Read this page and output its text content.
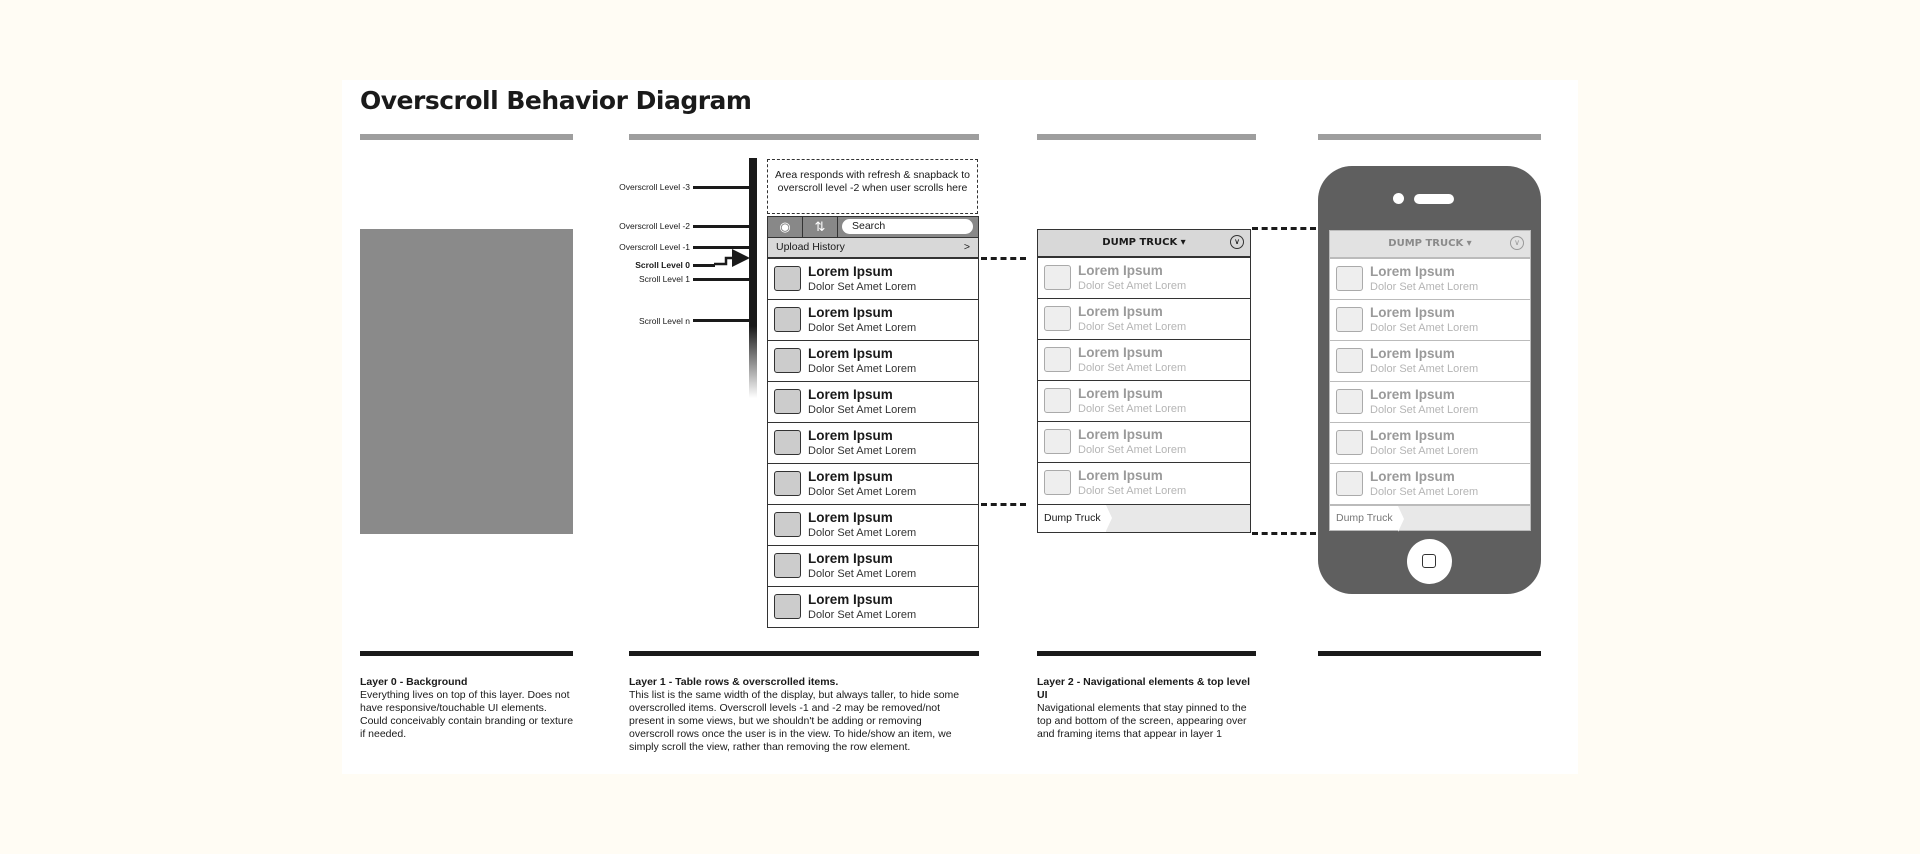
Overscroll Behavior Diagram
Overscroll Level -3
Overscroll Level -2
Overscroll Level -1
Scroll Level 0
Scroll Level 1
Scroll Level n
Area responds with refresh & snapback to overscroll level -2 when user scrolls here
◉	⇅	Search
Upload History	>
Lorem Ipsum
Dolor Set Amet Lorem
Lorem Ipsum
Dolor Set Amet Lorem
Lorem Ipsum
Dolor Set Amet Lorem
Lorem Ipsum
Dolor Set Amet Lorem
Lorem Ipsum
Dolor Set Amet Lorem
Lorem Ipsum
Dolor Set Amet Lorem
Lorem Ipsum
Dolor Set Amet Lorem
Lorem Ipsum
Dolor Set Amet Lorem
Lorem Ipsum
Dolor Set Amet Lorem
DUMP TRUCK ▾	∨
Lorem Ipsum
Dolor Set Amet Lorem
Lorem Ipsum
Dolor Set Amet Lorem
Lorem Ipsum
Dolor Set Amet Lorem
Lorem Ipsum
Dolor Set Amet Lorem
Lorem Ipsum
Dolor Set Amet Lorem
Lorem Ipsum
Dolor Set Amet Lorem
Dump Truck
DUMP TRUCK ▾	∨
Lorem Ipsum
Dolor Set Amet Lorem
Lorem Ipsum
Dolor Set Amet Lorem
Lorem Ipsum
Dolor Set Amet Lorem
Lorem Ipsum
Dolor Set Amet Lorem
Lorem Ipsum
Dolor Set Amet Lorem
Lorem Ipsum
Dolor Set Amet Lorem
Dump Truck
Layer 0 - Background
Everything lives on top of this layer. Does not have responsive/touchable UI elements. Could conceivably contain branding or texture if needed.
Layer 1 - Table rows & overscrolled items.
This list is the same width of the display, but always taller, to hide some overscrolled items. Overscroll levels -1 and -2 may be removed/not present in some views, but we shouldn't be adding or removing overscroll rows once the user is in the view. To hide/show an item, we simply scroll the view, rather than removing the row element.
Layer 2 - Navigational elements & top level UI
Navigational elements that stay pinned to the top and bottom of the screen, appearing over and framing items that appear in layer 1
